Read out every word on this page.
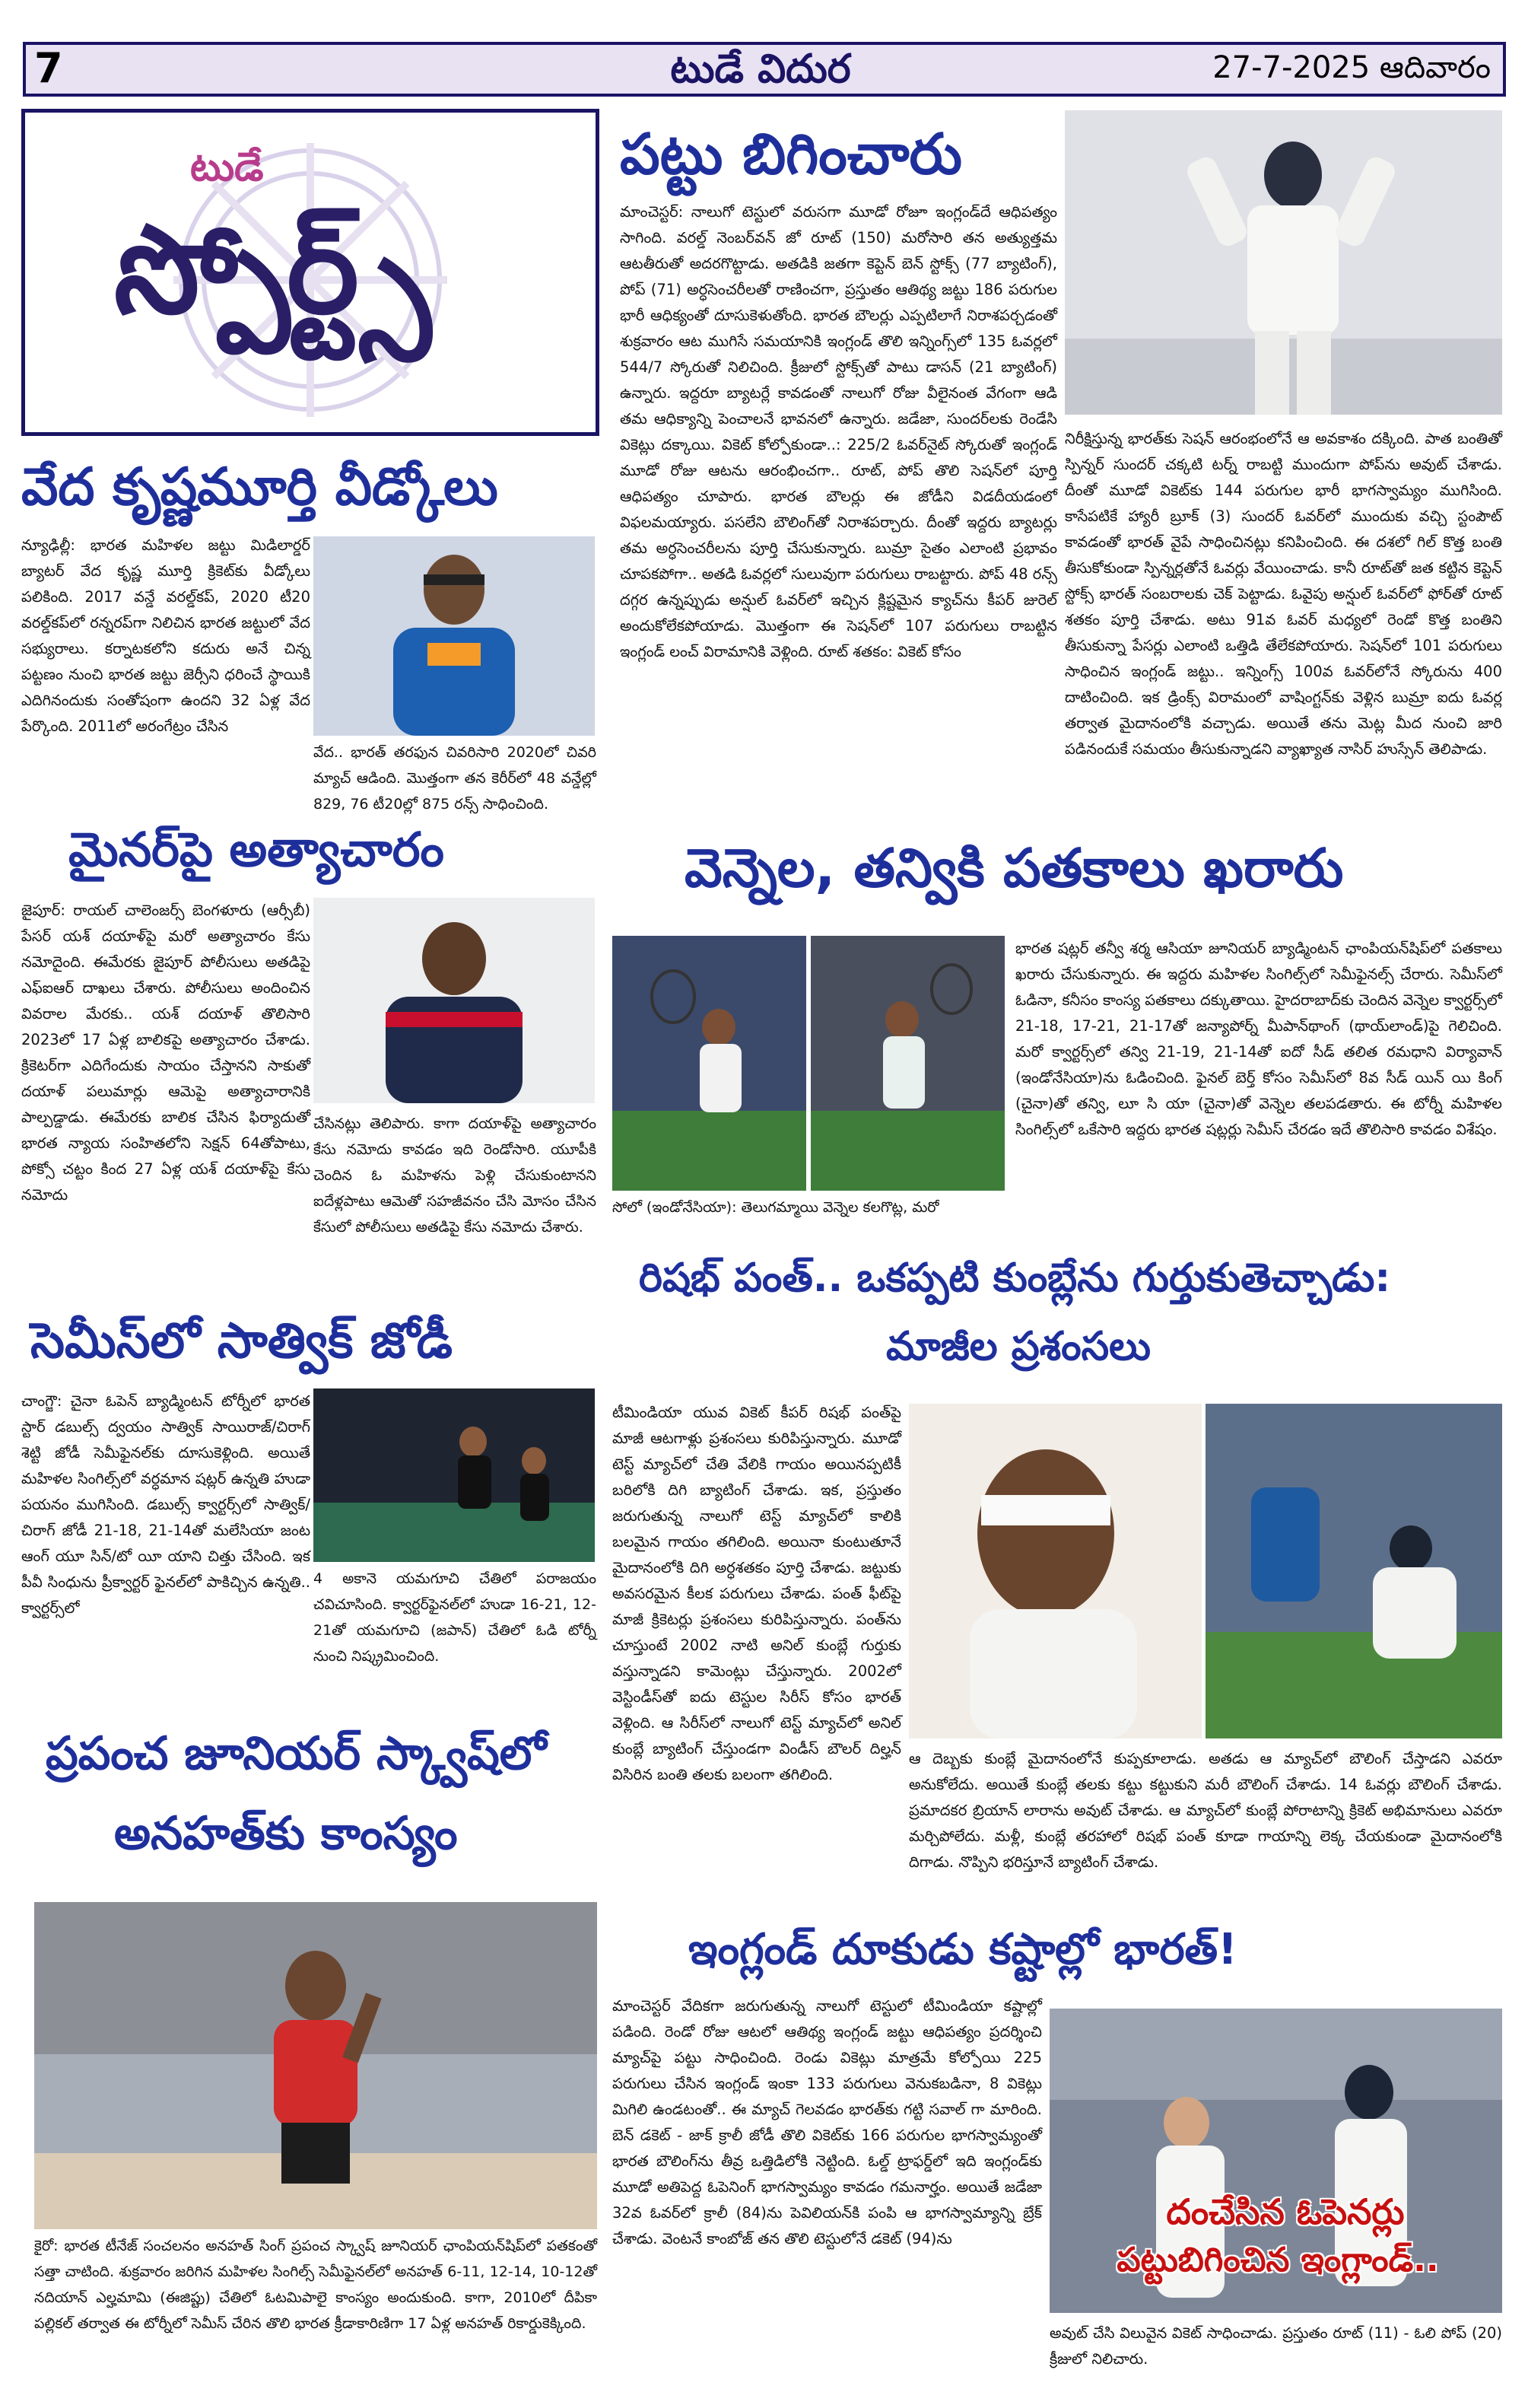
7	టుడే విదుర	27-7-2025 ఆదివారం
టుడే
స్పోర్ట్స్
పట్టు బిగించారు
మాంచెస్టర్: నాలుగో టెస్టులో వరుసగా మూడో రోజూ ఇంగ్లండ్‌దే ఆధిపత్యం సాగింది. వరల్డ్ నెంబర్‌వన్ జో రూట్ (150) మరోసారి తన అత్యుత్తమ ఆటతీరుతో అదరగొట్టాడు. అతడికి జతగా కెప్టెన్ బెన్ స్టోక్స్ (77 బ్యాటింగ్), పోప్ (71) అర్ధసెంచరీలతో రాణించగా, ప్రస్తుతం ఆతిథ్య జట్టు 186 పరుగుల భారీ ఆధిక్యంతో దూసుకెళుతోంది. భారత బౌలర్లు ఎప్పటిలాగే నిరాశపర్చడంతో శుక్రవారం ఆట ముగిసే సమయానికి ఇంగ్లండ్ తొలి ఇన్నింగ్స్‌లో 135 ఓవర్లలో 544/7 స్కోరుతో నిలిచింది. క్రీజులో స్టోక్స్‌తో పాటు డాసన్ (21 బ్యాటింగ్) ఉన్నారు. ఇద్దరూ బ్యాటర్లే కావడంతో నాలుగో రోజు వీలైనంత వేగంగా ఆడి తమ ఆధిక్యాన్ని పెంచాలనే భావనలో ఉన్నారు. జడేజా, సుందర్‌లకు రెండేసి వికెట్లు దక్కాయి. వికెట్ కోల్పోకుండా..: 225/2 ఓవర్‌నైట్ స్కోరుతో ఇంగ్లండ్ మూడో రోజు ఆటను ఆరంభించగా.. రూట్, పోప్ తొలి సెషన్‌లో పూర్తి ఆధిపత్యం చూపారు. భారత బౌలర్లు ఈ జోడీని విడదీయడంలో విఫలమయ్యారు. పసలేని బౌలింగ్‌తో నిరాశపర్చారు. దీంతో ఇద్దరు బ్యాటర్లు తమ అర్ధసెంచరీలను పూర్తి చేసుకున్నారు. బుమ్రా సైతం ఎలాంటి ప్రభావం చూపకపోగా.. అతడి ఓవర్లలో సులువుగా పరుగులు రాబట్టారు. పోప్ 48 రన్స్ దగ్గర ఉన్నప్పుడు అన్షుల్ ఓవర్‌లో ఇచ్చిన క్లిష్టమైన క్యాచ్‌ను కీపర్ జురెల్ అందుకోలేకపోయాడు. మొత్తంగా ఈ సెషన్‌లో 107 పరుగులు రాబట్టిన ఇంగ్లండ్ లంచ్ విరామానికి వెళ్లింది. రూట్ శతకం: వికెట్ కోసం
నిరీక్షిస్తున్న భారత్‌కు సెషన్ ఆరంభంలోనే ఆ అవకాశం దక్కింది. పాత బంతితో స్పిన్నర్ సుందర్ చక్కటి టర్న్ రాబట్టి ముందుగా పోప్‌ను అవుట్ చేశాడు. దీంతో మూడో వికెట్‌కు 144 పరుగుల భారీ భాగస్వామ్యం ముగిసింది. కాసేపటికే హ్యారీ బ్రూక్ (3) సుందర్ ఓవర్‌లో ముందుకు వచ్చి స్టంపౌట్ కావడంతో భారత్ వైపే సాధించినట్లు కనిపించింది. ఈ దశలో గిల్ కొత్త బంతి తీసుకోకుండా స్పిన్నర్లతోనే ఓవర్లు వేయించాడు. కానీ రూట్‌తో జత కట్టిన కెప్టెన్ స్టోక్స్ భారత్ సంబరాలకు చెక్ పెట్టాడు. ఓవైపు అన్షుల్ ఓవర్‌లో ఫోర్‌తో రూట్ శతకం పూర్తి చేశాడు. అటు 91వ ఓవర్ మధ్యలో రెండో కొత్త బంతిని తీసుకున్నా పేసర్లు ఎలాంటి ఒత్తిడి తేలేకపోయారు. సెషన్‌లో 101 పరుగులు సాధించిన ఇంగ్లండ్ జట్టు.. ఇన్నింగ్స్ 100వ ఓవర్‌లోనే స్కోరును 400 దాటించింది. ఇక డ్రింక్స్ విరామంలో వాషింగ్టన్‌కు వెళ్లిన బుమ్రా ఐదు ఓవర్ల తర్వాత మైదానంలోకి వచ్చాడు. అయితే తను మెట్ల మీద నుంచి జారి పడినందుకే సమయం తీసుకున్నాడని వ్యాఖ్యాత నాసిర్ హుస్సేన్ తెలిపాడు.
వేద కృష్ణమూర్తి వీడ్కోలు
న్యూఢిల్లీ: భారత మహిళల జట్టు మిడిలార్డర్ బ్యాటర్ వేద కృష్ణ మూర్తి క్రికెట్‌కు వీడ్కోలు పలికింది. 2017 వన్డే వరల్డ్‌కప్, 2020 టీ20 వరల్డ్‌కప్‌లో రన్నరప్‌గా నిలిచిన భారత జట్టులో వేద సభ్యురాలు. కర్నాటకలోని కదురు అనే చిన్న పట్టణం నుంచి భారత జట్టు జెర్సీని ధరించే స్థాయికి ఎదిగినందుకు సంతోషంగా ఉందని 32 ఏళ్ల వేద పేర్కొంది. 2011లో అరంగేట్రం చేసిన
వేద.. భారత్ తరఫున చివరిసారి 2020లో చివరి మ్యాచ్ ఆడింది. మొత్తంగా తన కెరీర్‌లో 48 వన్డేల్లో 829, 76 టీ20ల్లో 875 రన్స్ సాధించింది.
మైనర్‌పై అత్యాచారం
జైపూర్: రాయల్ చాలెంజర్స్ బెంగళూరు (ఆర్సీబీ) పేసర్ యశ్ దయాళ్‌పై మరో అత్యాచారం కేసు నమోదైంది. ఈమేరకు జైపూర్ పోలీసులు అతడిపై ఎఫ్ఐఆర్ దాఖలు చేశారు. పోలీసులు అందించిన వివరాల మేరకు.. యశ్ దయాళ్ తొలిసారి 2023లో 17 ఏళ్ల బాలికపై అత్యాచారం చేశాడు. క్రికెటర్‌గా ఎదిగేందుకు సాయం చేస్తానని సాకుతో దయాళ్ పలుమార్లు ఆమెపై అత్యాచారానికి పాల్పడ్డాడు. ఈమేరకు బాలిక చేసిన ఫిర్యాదుతో భారత న్యాయ సంహితలోని సెక్షన్ 64తోపాటు, పోక్సో చట్టం కింద 27 ఏళ్ల యశ్ దయాళ్‌పై కేసు నమోదు
చేసినట్లు తెలిపారు. కాగా దయాళ్‌పై అత్యాచారం కేసు నమోదు కావడం ఇది రెండోసారి. యూపీకి చెందిన ఓ మహిళను పెళ్లి చేసుకుంటానని ఐదేళ్లపాటు ఆమెతో సహజీవనం చేసి మోసం చేసిన కేసులో పోలీసులు అతడిపై కేసు నమోదు చేశారు.
సెమీస్‌లో సాత్విక్ జోడీ
చాంగ్జౌ: చైనా ఓపెన్ బ్యాడ్మింటన్ టోర్నీలో భారత స్టార్ డబుల్స్ ద్వయం సాత్విక్ సాయిరాజ్/చిరాగ్ శెట్టి జోడీ సెమీఫైనల్‌కు దూసుకెళ్లింది. అయితే మహిళల సింగిల్స్‌లో వర్ధమాన షట్లర్ ఉన్నతి హుడా పయనం ముగిసింది. డబుల్స్ క్వార్టర్స్‌లో సాత్విక్/చిరాగ్ జోడీ 21-18, 21-14తో మలేసియా జంట ఆంగ్ యూ సిన్/టో యీ యాని చిత్తు చేసింది. ఇక పీవీ సింధును ప్రీక్వార్టర్ ఫైనల్‌లో పాకిచ్చిన ఉన్నతి.. క్వార్టర్స్‌లో
4 అకానె యమగూచి చేతిలో పరాజయం చవిచూసింది. క్వార్టర్‌ఫైనల్‌లో హుడా 16-21, 12-21తో యమగూచి (జపాన్) చేతిలో ఓడి టోర్నీ నుంచి నిష్క్రమించింది.
ప్రపంచ జూనియర్ స్క్వాష్‌లో
అనహత్‌కు కాంస్యం
కైరో: భారత టీనేజ్ సంచలనం అనహత్ సింగ్ ప్రపంచ స్క్వాష్ జూనియర్ ఛాంపియన్‌షిప్‌లో పతకంతో సత్తా చాటింది. శుక్రవారం జరిగిన మహిళల సింగిల్స్ సెమీఫైనల్‌లో అనహత్ 6-11, 12-14, 10-12తో నదియాన్ ఎల్హమామి (ఈజిప్టు) చేతిలో ఓటమిపాలై కాంస్యం అందుకుంది. కాగా, 2010లో దీపికా పల్లికల్ తర్వాత ఈ టోర్నీలో సెమీస్ చేరిన తొలి భారత క్రీడాకారిణిగా 17 ఏళ్ల అనహత్ రికార్డుకెక్కింది.
వెన్నెల, తన్వికి పతకాలు ఖరారు
సోలో (ఇండోనేసియా): తెలుగమ్మాయి వెన్నెల కలగొట్ల, మరో
భారత షట్లర్ తన్వీ శర్మ ఆసియా జూనియర్ బ్యాడ్మింటన్ ఛాంపియన్‌షిప్‌లో పతకాలు ఖరారు చేసుకున్నారు. ఈ ఇద్దరు మహిళల సింగిల్స్‌లో సెమీఫైనల్స్ చేరారు. సెమీస్‌లో ఓడినా, కనీసం కాంస్య పతకాలు దక్కుతాయి. హైదరాబాద్‌కు చెందిన వెన్నెల క్వార్టర్స్‌లో 21-18, 17-21, 21-17తో జన్యాపోర్న్ మీపాన్‌థాంగ్ (థాయ్‌లాండ్)‌పై గెలిచింది. మరో క్వార్టర్స్‌లో తన్వి 21-19, 21-14తో ఐదో సీడ్ తలిత రమధాని విర్యావాన్ (ఇండోనేసియా)ను ఓడించింది. ఫైనల్ బెర్త్ కోసం సెమీస్‌లో 8వ సీడ్ యిన్ యి కింగ్ (చైనా)తో తన్వి, లూ సి యా (చైనా)తో వెన్నెల తలపడతారు. ఈ టోర్నీ మహిళల సింగిల్స్‌లో ఒకేసారి ఇద్దరు భారత షట్లర్లు సెమీస్ చేరడం ఇదే తొలిసారి కావడం విశేషం.
రిషభ్ పంత్.. ఒకప్పటి కుంబ్లేను గుర్తుకుతెచ్చాడు:
మాజీల ప్రశంసలు
టీమిండియా యువ వికెట్ కీపర్ రిషభ్ పంత్‌పై మాజీ ఆటగాళ్లు ప్రశంసలు కురిపిస్తున్నారు. మూడో టెస్ట్ మ్యాచ్‌లో చేతి వేలికి గాయం అయినప్పటికీ బరిలోకి దిగి బ్యాటింగ్ చేశాడు. ఇక, ప్రస్తుతం జరుగుతున్న నాలుగో టెస్ట్ మ్యాచ్‌లో కాలికి బలమైన గాయం తగిలింది. అయినా కుంటుతూనే మైదానంలోకి దిగి అర్ధశతకం పూర్తి చేశాడు. జట్టుకు అవసరమైన కీలక పరుగులు చేశాడు. పంత్ ఫీట్‌పై మాజీ క్రికెటర్లు ప్రశంసలు కురిపిస్తున్నారు. పంత్‌ను చూస్తుంటే 2002 నాటి అనిల్ కుంబ్లే గుర్తుకు వస్తున్నాడని కామెంట్లు చేస్తున్నారు. 2002లో వెస్టిండీస్‌తో ఐదు టెస్టుల సిరీస్ కోసం భారత్ వెళ్లింది. ఆ సిరీస్‌లో నాలుగో టెస్ట్ మ్యాచ్‌లో అనిల్ కుంబ్లే బ్యాటింగ్ చేస్తుండగా విండీస్ బౌలర్ దిల్హన్ విసిరిన బంతి తలకు బలంగా తగిలింది.
ఆ దెబ్బకు కుంబ్లే మైదానంలోనే కుప్పకూలాడు. అతడు ఆ మ్యాచ్‌లో బౌలింగ్ చేస్తాడని ఎవరూ అనుకోలేదు. అయితే కుంబ్లే తలకు కట్టు కట్టుకుని మరీ బౌలింగ్ చేశాడు. 14 ఓవర్లు బౌలింగ్ చేశాడు. ప్రమాదకర బ్రియాన్ లారాను అవుట్ చేశాడు. ఆ మ్యాచ్‌లో కుంబ్లే పోరాటాన్ని క్రికెట్ అభిమానులు ఎవరూ మర్చిపోలేదు. మళ్లీ, కుంబ్లే తరహాలో రిషభ్ పంత్ కూడా గాయాన్ని లెక్క చేయకుండా మైదానంలోకి దిగాడు. నొప్పిని భరిస్తూనే బ్యాటింగ్ చేశాడు.
ఇంగ్లండ్ దూకుడు కష్టాల్లో భారత్!
మాంచెస్టర్ వేదికగా జరుగుతున్న నాలుగో టెస్టులో టీమిండియా కష్టాల్లో పడింది. రెండో రోజు ఆటలో ఆతిథ్య ఇంగ్లండ్ జట్టు ఆధిపత్యం ప్రదర్శించి మ్యాచ్‌పై పట్టు సాధించింది. రెండు వికెట్లు మాత్రమే కోల్పోయి 225 పరుగులు చేసిన ఇంగ్లండ్ ఇంకా 133 పరుగులు వెనుకబడినా, 8 వికెట్లు మిగిలి ఉండటంతో.. ఈ మ్యాచ్ గెలవడం భారత్‌కు గట్టి సవాల్ గా మారింది. బెన్ డకెట్ - జాక్ క్రాలీ జోడీ తొలి వికెట్‌కు 166 పరుగుల భాగస్వామ్యంతో భారత బౌలింగ్‌ను తీవ్ర ఒత్తిడిలోకి నెట్టింది. ఓల్డ్ ట్రాఫర్డ్‌లో ఇది ఇంగ్లండ్‌కు మూడో అతిపెద్ద ఓపెనింగ్ భాగస్వామ్యం కావడం గమనార్హం. అయితే జడేజా 32వ ఓవర్‌లో క్రాలీ (84)ను పెవిలియన్‌కి పంపి ఆ భాగస్వామ్యాన్ని బ్రేక్ చేశాడు. వెంటనే కాంబోజ్ తన తొలి టెస్టులోనే డకెట్ (94)ను
దంచేసిన ఓపెనర్లు
పట్టుబిగించిన ఇంగ్లాండ్..
అవుట్ చేసి విలువైన వికెట్ సాధించాడు. ప్రస్తుతం రూట్ (11) - ఓలి పోప్ (20) క్రీజులో నిలిచారు.
